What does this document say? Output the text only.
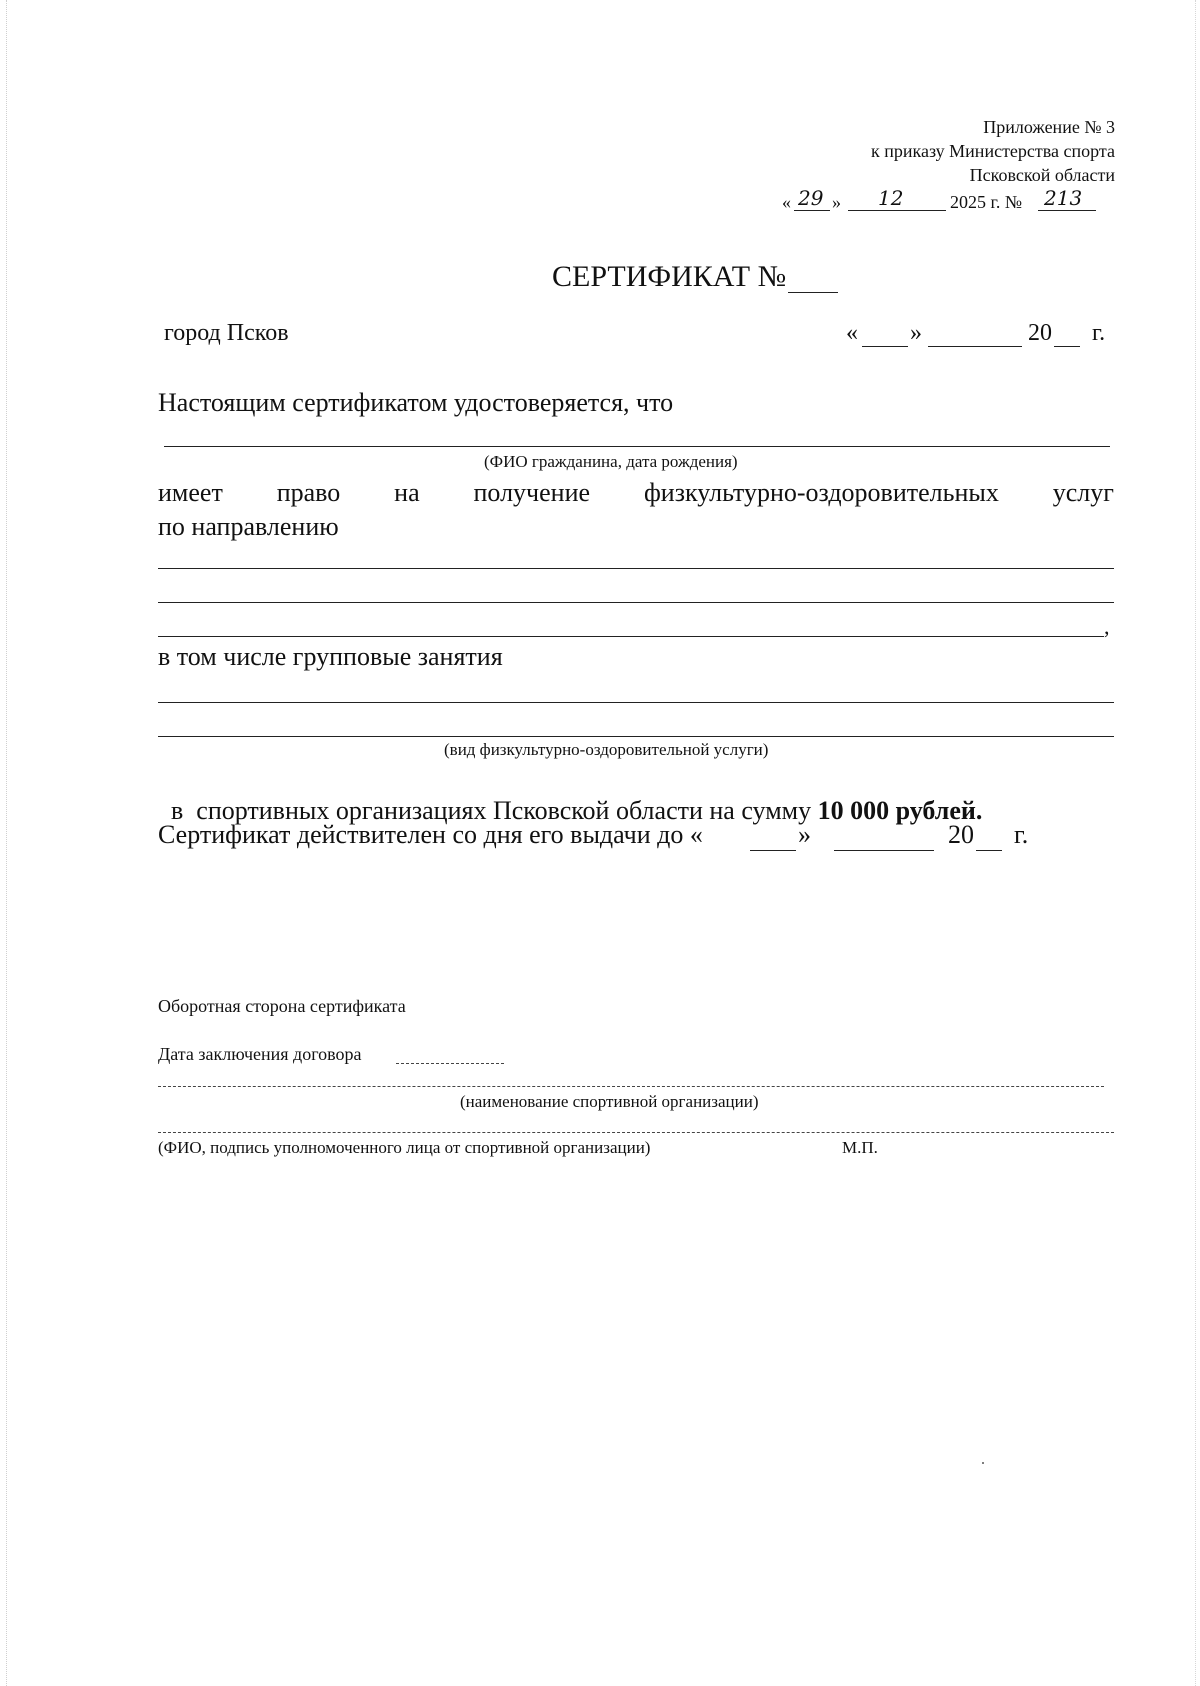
Приложение № 3
к приказу Министерства спорта
Псковской области
« 29 » 12	2025 г. № 213
СЕРТИФИКАТ №
город Псков	« »	20 г.
Настоящим сертификатом удостоверяется, что
(ФИО гражданина, дата рождения)
имеет право на получение физкультурно-оздоровительных услуг
по направлению
,
в том числе групповые занятия
(вид физкультурно-оздоровительной услуги)

в  спортивных организациях Псковской области на сумму 10 000 рублей.

Сертификат действителен со дня его выдачи до «	»	20 г.
Оборотная сторона сертификата
Дата заключения договора
(наименование спортивной организации)
(ФИО, подпись уполномоченного лица от спортивной организации)	М.П.
